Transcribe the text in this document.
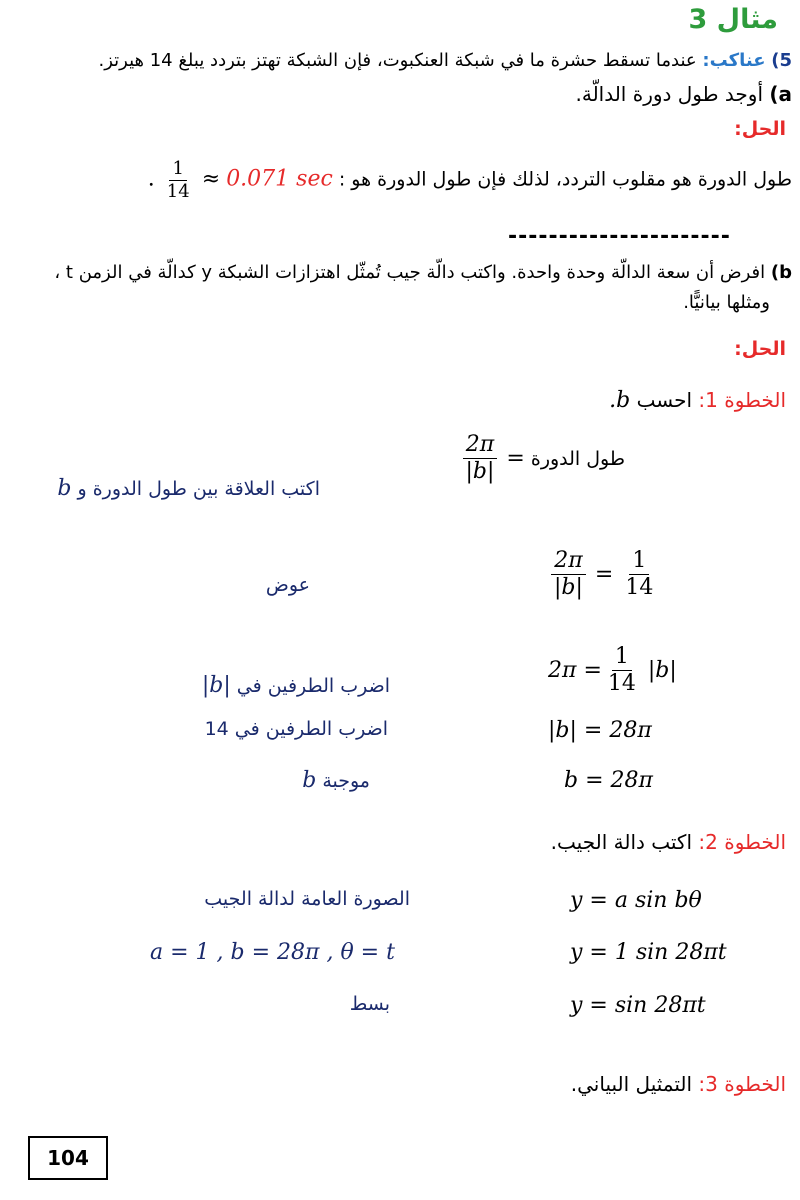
مثال 3
5) عناكب: عندما تسقط حشرة ما في شبكة العنكبوت، فإن الشبكة تهتز بتردد يبلغ 14 هيرتز.
a) أوجد طول دورة الدالّة.
الحل:
طول الدورة هو مقلوب التردد، لذلك فإن طول الدورة هو : 0.071 sec ≈
$\frac{1}{14}$
.
----------------------
b) افرض أن سعة الدالّة وحدة واحدة. واكتب دالّة جيب تُمثّل اهتزازات الشبكة y كدالّة في الزمن t ،
ومثلها بيانيًّا.
الحل:
الخطوة 1: احسب b.
طول الدورة
=
$\frac{2\pi}{|b|}$
اكتب العلاقة بين طول الدورة و b
$\frac{2\pi}{|b|} = \frac{1}{14}$
عوض
$2\pi = \frac{1}{14} |b|$
اضرب الطرفين في |b|
|b| = 28π
اضرب الطرفين في 14
b = 28π
موجبة b
الخطوة 2: اكتب دالة الجيب.
y = a sin bθ
الصورة العامة لدالة الجيب
y = 1 sin 28πt
a = 1 , b = 28π , θ = t
y = sin 28πt
بسط
الخطوة 3: التمثيل البياني.
104
